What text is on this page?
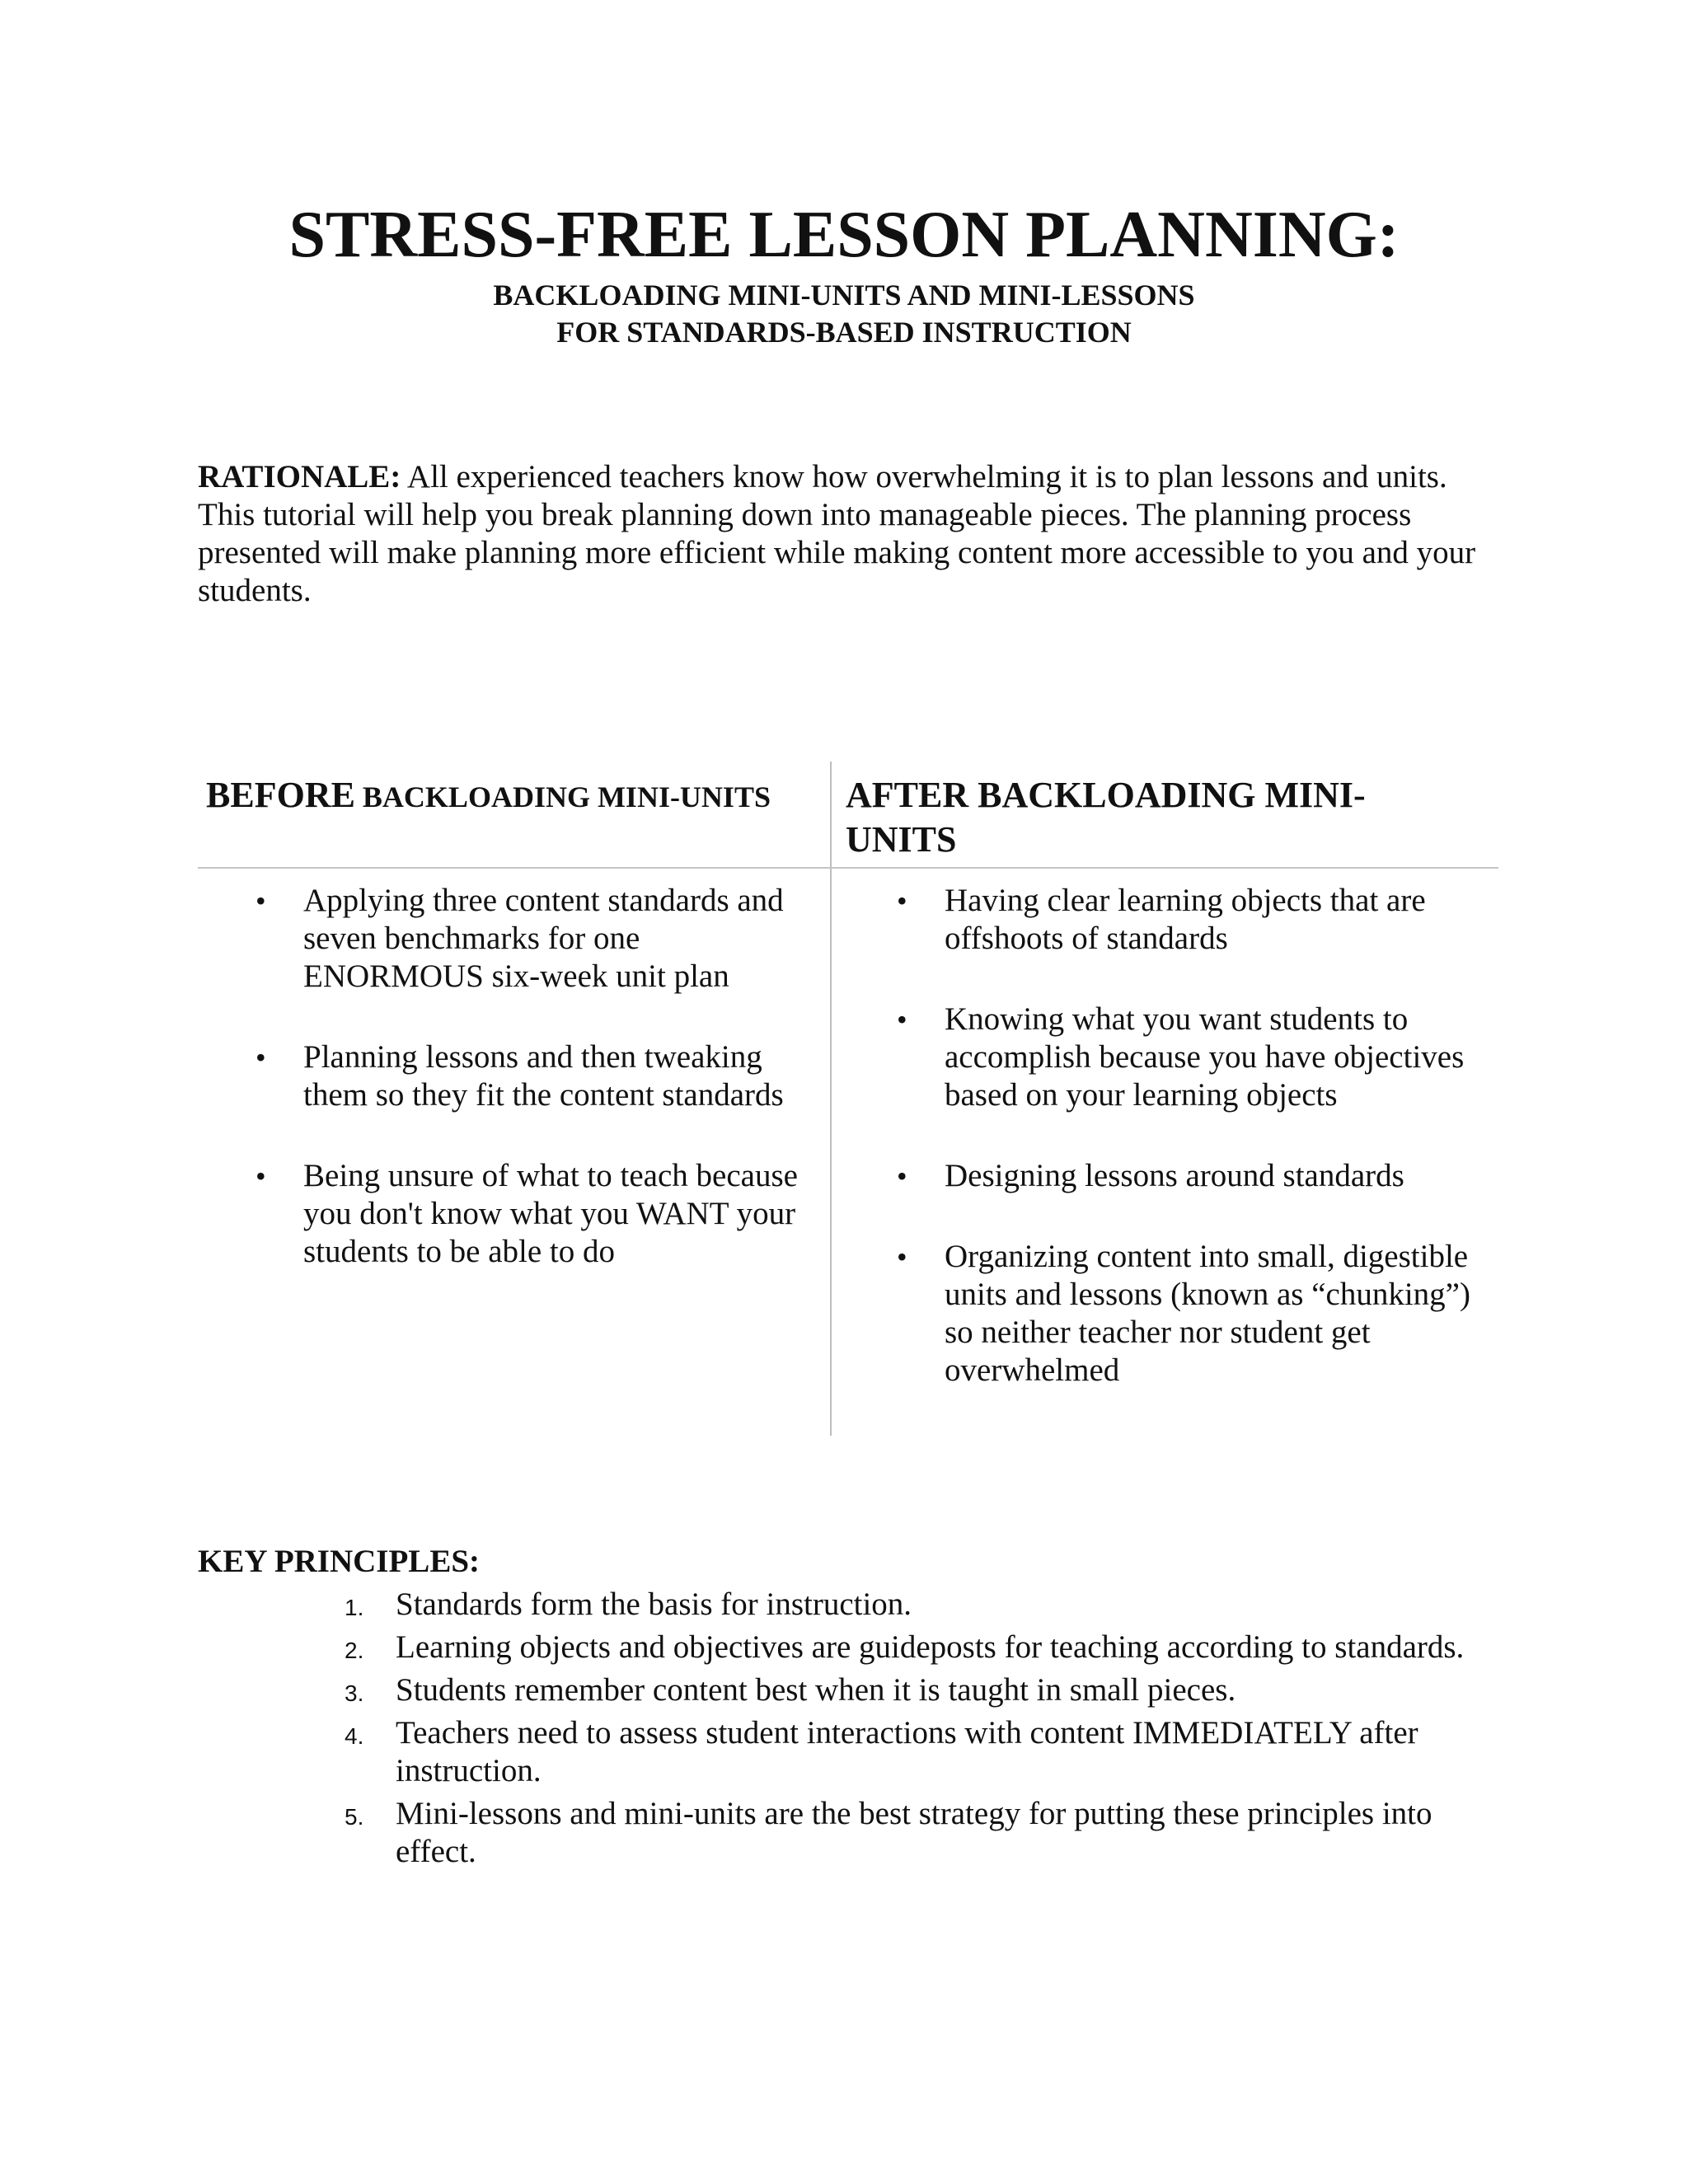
STRESS-FREE LESSON PLANNING:

BACKLOADING MINI-UNITS AND MINI-LESSONS

FOR STANDARDS-BASED INSTRUCTION

RATIONALE: All experienced teachers know how overwhelming it is to plan lessons and units. This tutorial will help you break planning down into manageable pieces. The planning process presented will make planning more efficient while making content more accessible to you and your students.

BEFORE BACKLOADING MINI-UNITS	AFTER BACKLOADING MINI-UNITS
• Applying three content standards and seven benchmarks for one ENORMOUS six-week unit plan
• Planning lessons and then tweaking them so they fit the content standards
• Being unsure of what to teach because you don't know what you WANT your students to be able to do
• Having clear learning objects that are offshoots of standards
• Knowing what you want students to accomplish because you have objectives based on your learning objects
• Designing lessons around standards
• Organizing content into small, digestible units and lessons (known as “chunking”) so neither teacher nor student get overwhelmed
KEY PRINCIPLES:
1. Standards form the basis for instruction.
2. Learning objects and objectives are guideposts for teaching according to standards.
3. Students remember content best when it is taught in small pieces.
4. Teachers need to assess student interactions with content IMMEDIATELY after instruction.
5. Mini-lessons and mini-units are the best strategy for putting these principles into effect.
